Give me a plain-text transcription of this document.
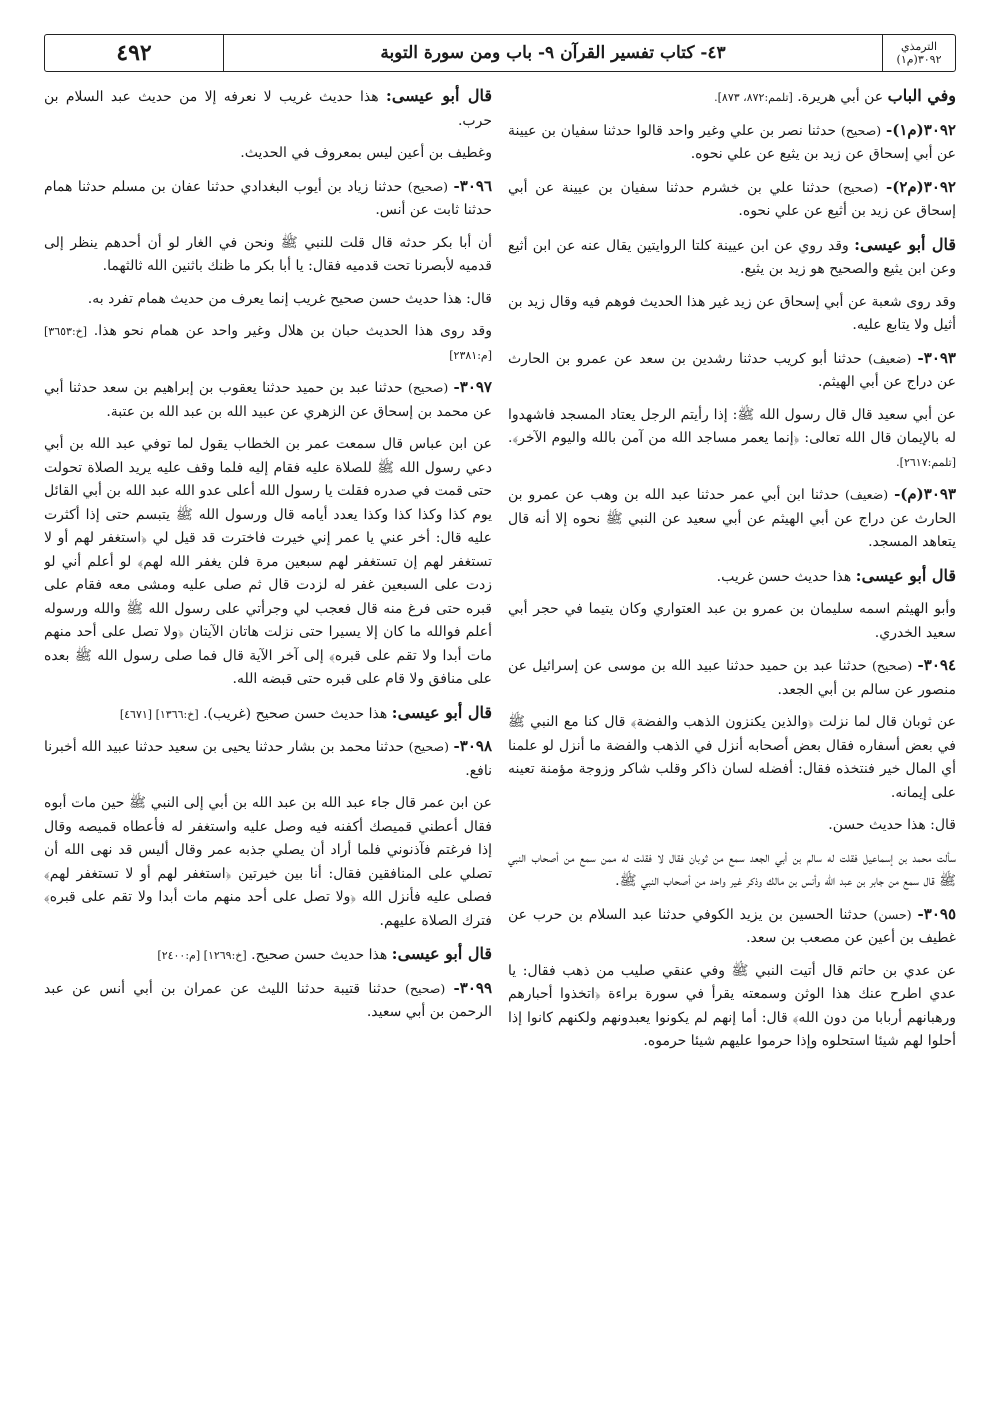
٤٩٢	٤٣- كتاب تفسير القرآن ٩- باب ومن سورة التوبة	الترمذي
٣٠٩٢(م١)

قال أبو عيسى: هذا حديث غريب لا نعرفه إلا من حديث عبد السلام بن حرب.

وغطيف بن أعين ليس بمعروف في الحديث.

٣٠٩٦- (صحيح) حدثنا زياد بن أيوب البغدادي حدثنا عفان بن مسلم حدثنا همام حدثنا ثابت عن أنس.

أن أبا بكر حدثه قال قلت للنبي ﷺ ونحن في الغار لو أن أحدهم ينظر إلى قدميه لأبصرنا تحت قدميه فقال: يا أبا بكر ما ظنك باثنين الله ثالثهما.

قال: هذا حديث حسن صحيح غريب إنما يعرف من حديث همام تفرد به.

وقد روى هذا الحديث حبان بن هلال وغير واحد عن همام نحو هذا. [خ:٣٦٥٣] [م:٢٣٨١]

٣٠٩٧- (صحيح) حدثنا عبد بن حميد حدثنا يعقوب بن إبراهيم بن سعد حدثنا أبي عن محمد بن إسحاق عن الزهري عن عبيد الله بن عبد الله بن عتبة.

عن ابن عباس قال سمعت عمر بن الخطاب يقول لما توفي عبد الله بن أبي دعي رسول الله ﷺ للصلاة عليه فقام إليه فلما وقف عليه يريد الصلاة تحولت حتى قمت في صدره فقلت يا رسول الله أعلى عدو الله عبد الله بن أبي القائل يوم كذا وكذا كذا وكذا يعدد أيامه قال ورسول الله ﷺ يتبسم حتى إذا أكثرت عليه قال: أخر عني يا عمر إني خيرت فاخترت قد قيل لي ﴿استغفر لهم أو لا تستغفر لهم إن تستغفر لهم سبعين مرة فلن يغفر الله لهم﴾ لو أعلم أني لو زدت على السبعين غفر له لزدت قال ثم صلى عليه ومشى معه فقام على قبره حتى فرغ منه قال فعجب لي وجرأتي على رسول الله ﷺ والله ورسوله أعلم فوالله ما كان إلا يسيرا حتى نزلت هاتان الآيتان ﴿ولا تصل على أحد منهم مات أبدا ولا تقم على قبره﴾ إلى آخر الآية قال فما صلى رسول الله ﷺ بعده على منافق ولا قام على قبره حتى قبضه الله.

قال أبو عيسى: هذا حديث حسن صحيح (غريب). [خ:١٣٦٦] [٤٦٧١]

٣٠٩٨- (صحيح) حدثنا محمد بن بشار حدثنا يحيى بن سعيد حدثنا عبيد الله أخبرنا نافع.

عن ابن عمر قال جاء عبد الله بن عبد الله بن أبي إلى النبي ﷺ حين مات أبوه فقال أعطني قميصك أكفنه فيه وصل عليه واستغفر له فأعطاه قميصه وقال إذا فرغتم فآذنوني فلما أراد أن يصلي جذبه عمر وقال أليس قد نهى الله أن تصلي على المنافقين فقال: أنا بين خيرتين ﴿استغفر لهم أو لا تستغفر لهم﴾ فصلى عليه فأنزل الله ﴿ولا تصل على أحد منهم مات أبدا ولا تقم على قبره﴾ فترك الصلاة عليهم.

قال أبو عيسى: هذا حديث حسن صحيح. [خ:١٢٦٩] [م:٢٤٠٠]

٣٠٩٩- (صحيح) حدثنا قتيبة حدثنا الليث عن عمران بن أبي أنس عن عبد الرحمن بن أبي سعيد.

وفي الباب عن أبي هريرة. [تلمم:٨٧٢، ٨٧٣].

٣٠٩٢(م١)- (صحيح) حدثنا نصر بن علي وغير واحد قالوا حدثنا سفيان بن عيينة عن أبي إسحاق عن زيد بن يثيع عن علي نحوه.

٣٠٩٢(م٢)- (صحيح) حدثنا علي بن خشرم حدثنا سفيان بن عيينة عن أبي إسحاق عن زيد بن أثيع عن علي نحوه.

قال أبو عيسى: وقد روي عن ابن عيينة كلتا الروايتين يقال عنه عن ابن أثيع وعن ابن يثيع والصحيح هو زيد بن يثيع.

وقد روى شعبة عن أبي إسحاق عن زيد غير هذا الحديث فوهم فيه وقال زيد بن أثيل ولا يتابع عليه.

٣٠٩٣- (ضعيف) حدثنا أبو كريب حدثنا رشدين بن سعد عن عمرو بن الحارث عن دراج عن أبي الهيثم.

عن أبي سعيد قال قال رسول الله ﷺ: إذا رأيتم الرجل يعتاد المسجد فاشهدوا له بالإيمان قال الله تعالى: ﴿إنما يعمر مساجد الله من آمن بالله واليوم الآخر﴾. [تلمم:٢٦١٧].

٣٠٩٣(م)- (ضعيف) حدثنا ابن أبي عمر حدثنا عبد الله بن وهب عن عمرو بن الحارث عن دراج عن أبي الهيثم عن أبي سعيد عن النبي ﷺ نحوه إلا أنه قال يتعاهد المسجد.

قال أبو عيسى: هذا حديث حسن غريب.

وأبو الهيثم اسمه سليمان بن عمرو بن عبد العتواري وكان يتيما في حجر أبي سعيد الخدري.

٣٠٩٤- (صحيح) حدثنا عبد بن حميد حدثنا عبيد الله بن موسى عن إسرائيل عن منصور عن سالم بن أبي الجعد.

عن ثوبان قال لما نزلت ﴿والذين يكنزون الذهب والفضة﴾ قال كنا مع النبي ﷺ في بعض أسفاره فقال بعض أصحابه أنزل في الذهب والفضة ما أنزل لو علمنا أي المال خير فنتخذه فقال: أفضله لسان ذاكر وقلب شاكر وزوجة مؤمنة تعينه على إيمانه.

قال: هذا حديث حسن.

سألت محمد بن إسماعيل فقلت له سالم بن أبي الجعد سمع من ثوبان فقال لا فقلت له ممن سمع من أصحاب النبي ﷺ قال سمع من جابر بن عبد الله وأنس بن مالك وذكر غير واحد من أصحاب النبي ﷺ.

٣٠٩٥- (حسن) حدثنا الحسين بن يزيد الكوفي حدثنا عبد السلام بن حرب عن غطيف بن أعين عن مصعب بن سعد.

عن عدي بن حاتم قال أتيت النبي ﷺ وفي عنقي صليب من ذهب فقال: يا عدي اطرح عنك هذا الوثن وسمعته يقرأ في سورة براءة ﴿اتخذوا أحبارهم ورهبانهم أربابا من دون الله﴾ قال: أما إنهم لم يكونوا يعبدونهم ولكنهم كانوا إذا أحلوا لهم شيئا استحلوه وإذا حرموا عليهم شيئا حرموه.
